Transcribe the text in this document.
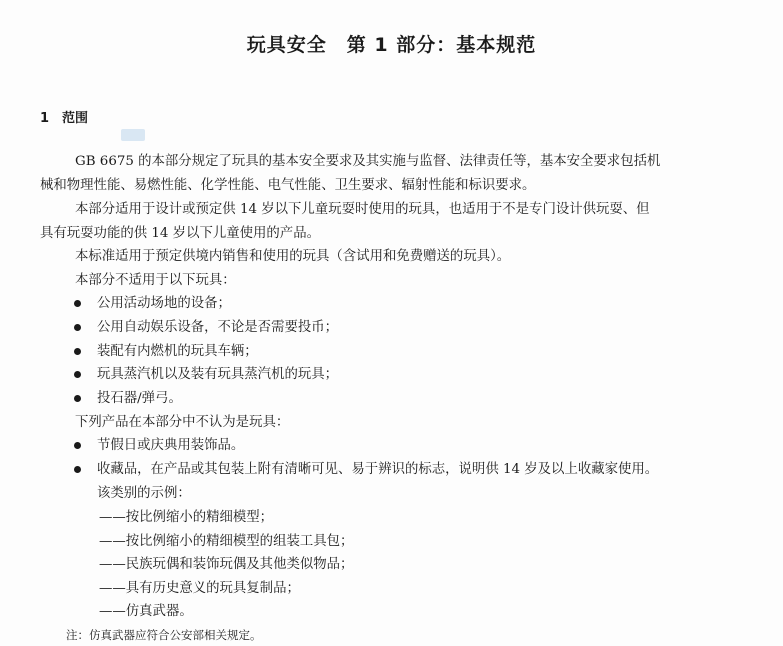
玩具安全　第 1 部分：基本规范
1　范围
GB 6675 的本部分规定了玩具的基本安全要求及其实施与监督、法律责任等，基本安全要求包括机
械和物理性能、易燃性能、化学性能、电气性能、卫生要求、辐射性能和标识要求。
本部分适用于设计或预定供 14 岁以下儿童玩耍时使用的玩具，也适用于不是专门设计供玩耍、但
具有玩耍功能的供 14 岁以下儿童使用的产品。
本标准适用于预定供境内销售和使用的玩具（含试用和免费赠送的玩具）。
本部分不适用于以下玩具：
公用活动场地的设备；
公用自动娱乐设备，不论是否需要投币；
装配有内燃机的玩具车辆；
玩具蒸汽机以及装有玩具蒸汽机的玩具；
投石器/弹弓。
下列产品在本部分中不认为是玩具：
节假日或庆典用装饰品。
收藏品，在产品或其包装上附有清晰可见、易于辨识的标志，说明供 14 岁及以上收藏家使用。
该类别的示例：
——按比例缩小的精细模型；
——按比例缩小的精细模型的组装工具包；
——民族玩偶和装饰玩偶及其他类似物品；
——具有历史意义的玩具复制品；
——仿真武器。

注：仿真武器应符合公安部相关规定。
